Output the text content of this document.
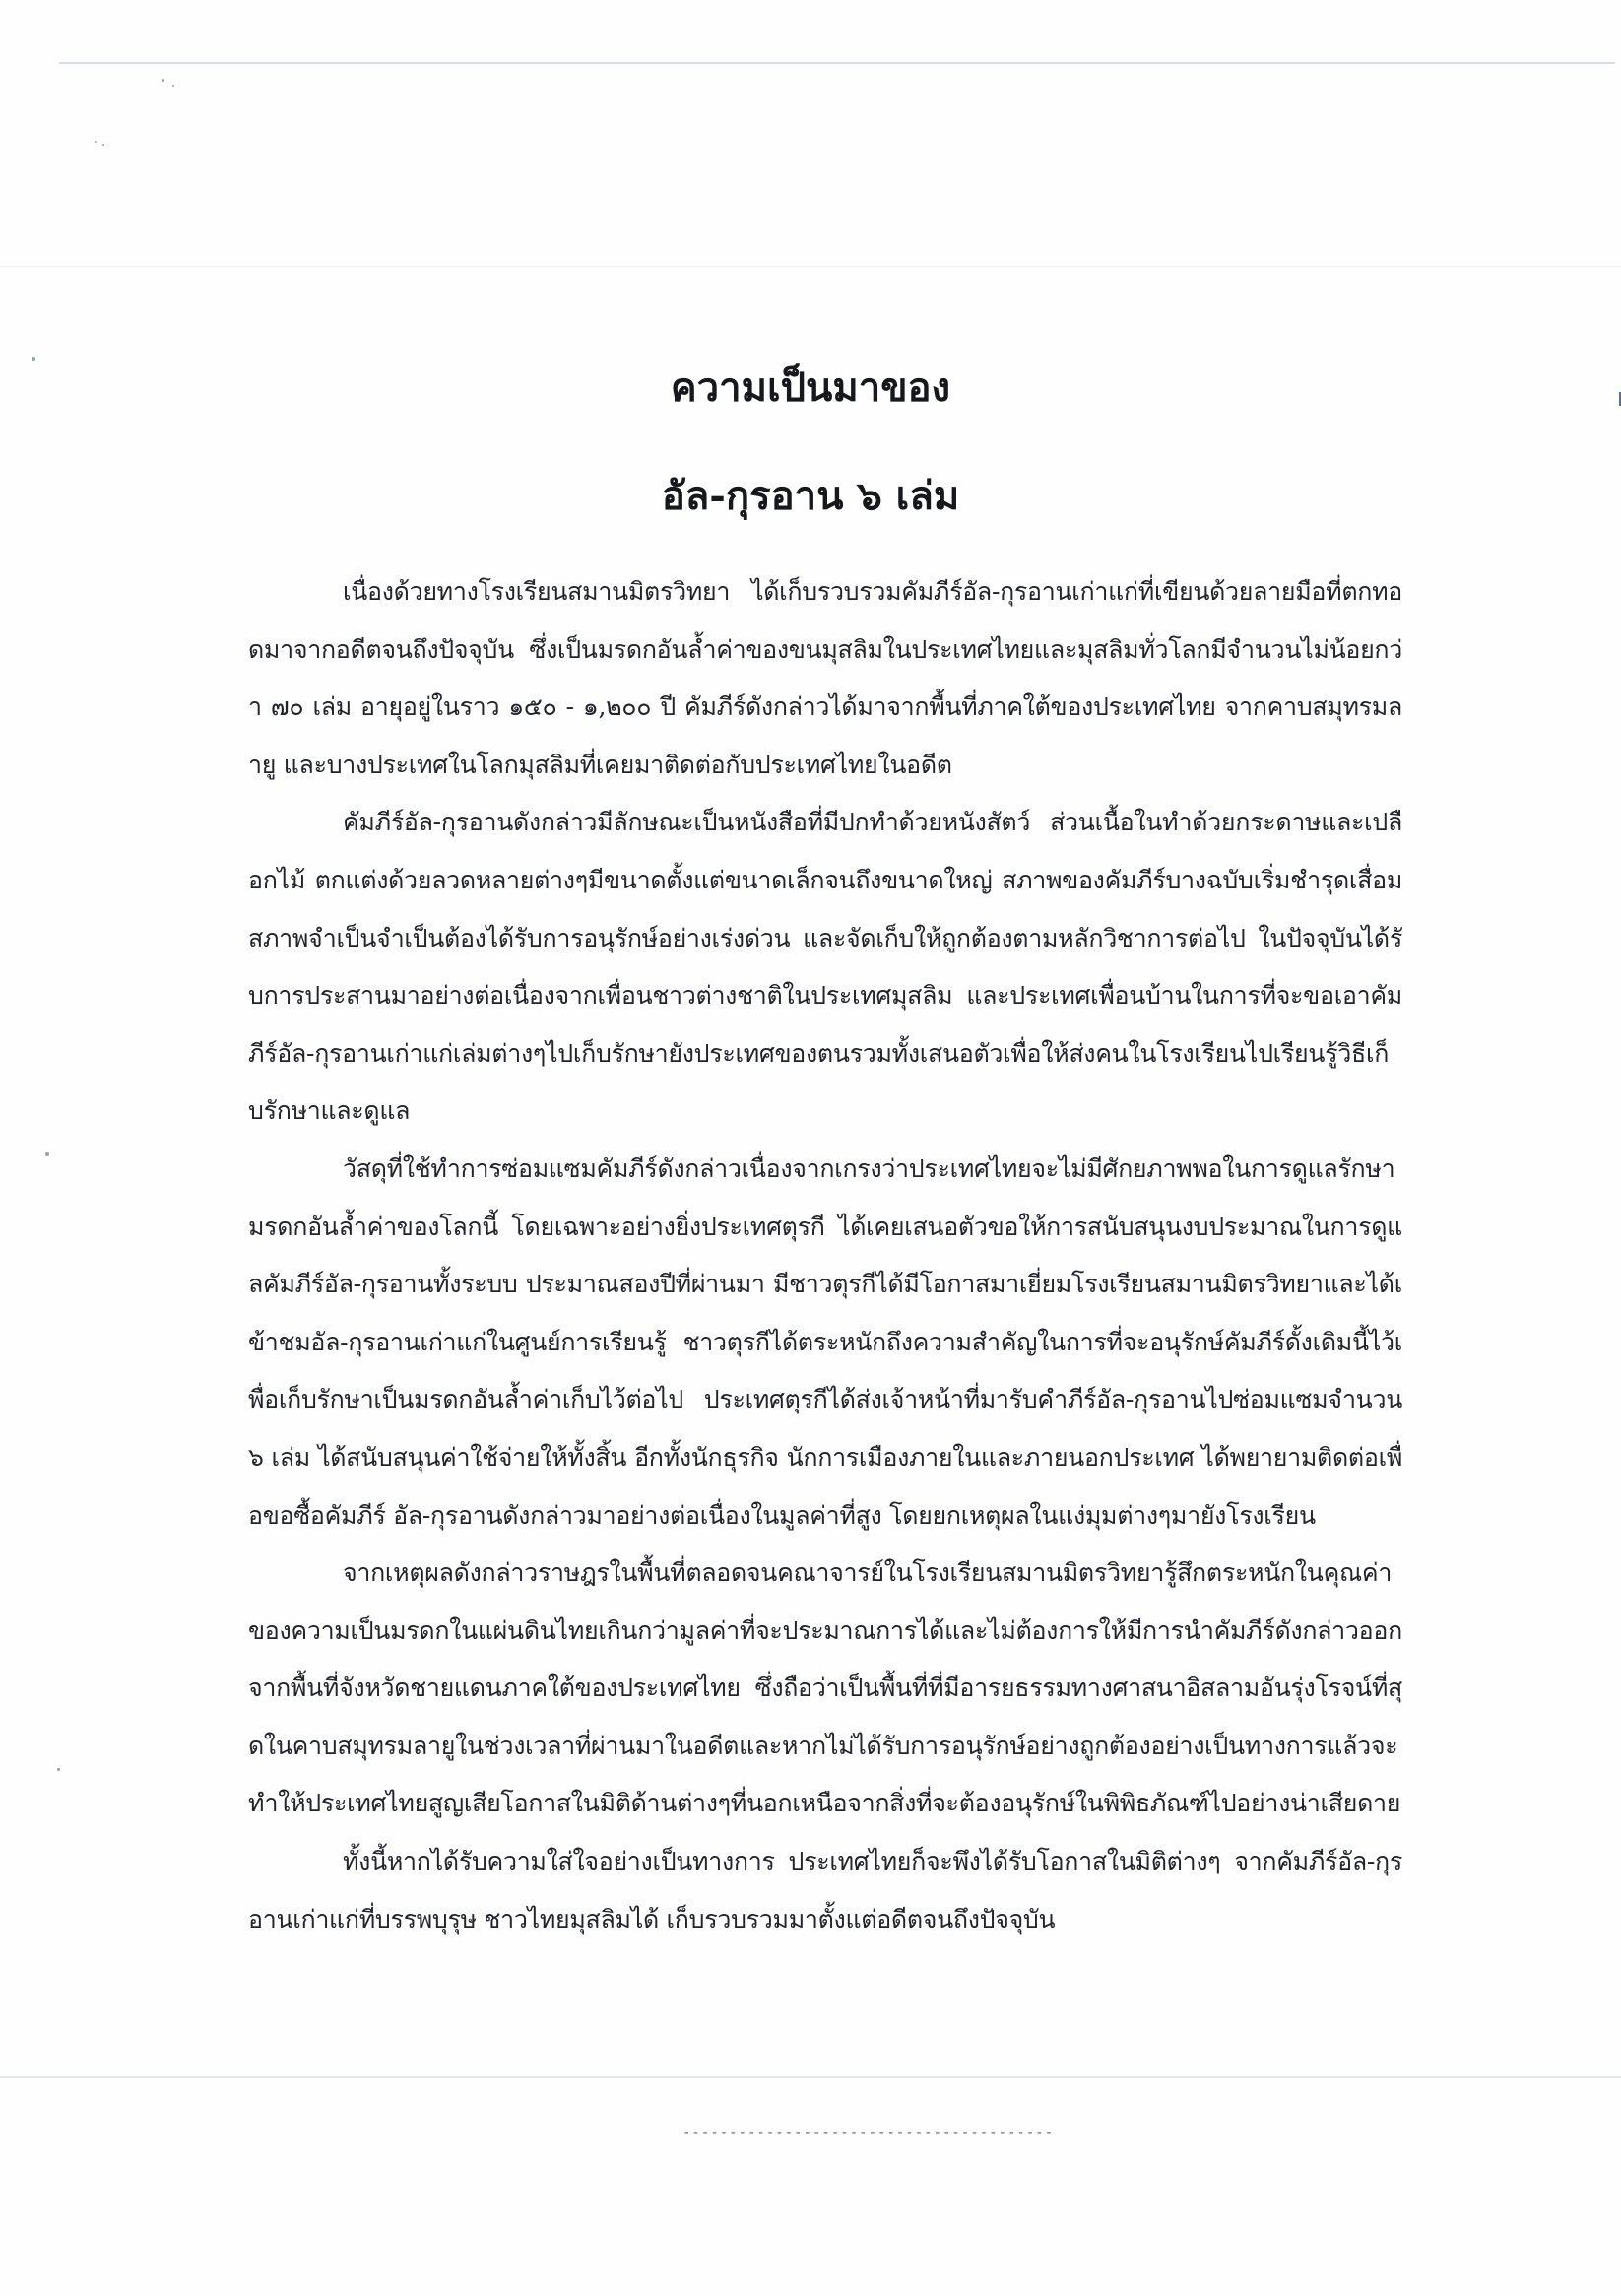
ความเป็นมาของ

อัล-กุรอาน ๖ เล่ม

เนื่องด้วยทางโรงเรียนสมานมิตรวิทยา ได้เก็บรวบรวมคัมภีร์อัล-กุรอานเก่าแก่ที่เขียนด้วยลายมือที่ตกทอดมาจากอดีตจนถึงปัจจุบัน ซึ่งเป็นมรดกอันล้ำค่าของขนมุสลิมในประเทศไทยและมุสลิมทั่วโลกมีจำนวนไม่น้อยกว่า ๗๐ เล่ม อายุอยู่ในราว ๑๕๐ - ๑,๒๐๐ ปี คัมภีร์ดังกล่าวได้มาจากพื้นที่ภาคใต้ของประเทศไทย จากคาบสมุทรมลายู และบางประเทศในโลกมุสลิมที่เคยมาติดต่อกับประเทศไทยในอดีต

คัมภีร์อัล-กุรอานดังกล่าวมีลักษณะเป็นหนังสือที่มีปกทำด้วยหนังสัตว์ ส่วนเนื้อในทำด้วยกระดาษและเปลือกไม้ ตกแต่งด้วยลวดหลายต่างๆมีขนาดตั้งแต่ขนาดเล็กจนถึงขนาดใหญ่ สภาพของคัมภีร์บางฉบับเริ่มชำรุดเสื่อมสภาพจำเป็นจำเป็นต้องได้รับการอนุรักษ์อย่างเร่งด่วน และจัดเก็บให้ถูกต้องตามหลักวิชาการต่อไป ในปัจจุบันได้รับการประสานมาอย่างต่อเนื่องจากเพื่อนชาวต่างชาติในประเทศมุสลิม และประเทศเพื่อนบ้านในการที่จะขอเอาคัมภีร์อัล-กุรอานเก่าแก่เล่มต่างๆไปเก็บรักษายังประเทศของตนรวมทั้งเสนอตัวเพื่อให้ส่งคนในโรงเรียนไปเรียนรู้วิธีเก็บรักษาและดูแล

วัสดุที่ใช้ทำการซ่อมแซมคัมภีร์ดังกล่าวเนื่องจากเกรงว่าประเทศไทยจะไม่มีศักยภาพพอในการดูแลรักษามรดกอันล้ำค่าของโลกนี้ โดยเฉพาะอย่างยิ่งประเทศตุรกี ได้เคยเสนอตัวขอให้การสนับสนุนงบประมาณในการดูแลคัมภีร์อัล-กุรอานทั้งระบบ ประมาณสองปีที่ผ่านมา มีชาวตุรกีได้มีโอกาสมาเยี่ยมโรงเรียนสมานมิตรวิทยาและได้เข้าชมอัล-กุรอานเก่าแก่ในศูนย์การเรียนรู้ ชาวตุรกีได้ตระหนักถึงความสำคัญในการที่จะอนุรักษ์คัมภีร์ดั้งเดิมนี้ไว้เพื่อเก็บรักษาเป็นมรดกอันล้ำค่าเก็บไว้ต่อไป ประเทศตุรกีได้ส่งเจ้าหน้าที่มารับคำภีร์อัล-กุรอานไปซ่อมแซมจำนวน ๖ เล่ม ได้สนับสนุนค่าใช้จ่ายให้ทั้งสิ้น อีกทั้งนักธุรกิจ นักการเมืองภายในและภายนอกประเทศ ได้พยายามติดต่อเพื่อขอซื้อคัมภีร์ อัล-กุรอานดังกล่าวมาอย่างต่อเนื่องในมูลค่าที่สูง โดยยกเหตุผลในแง่มุมต่างๆมายังโรงเรียน

จากเหตุผลดังกล่าวราษฎรในพื้นที่ตลอดจนคณาจารย์ในโรงเรียนสมานมิตรวิทยารู้สึกตระหนักในคุณค่าของความเป็นมรดกในแผ่นดินไทยเกินกว่ามูลค่าที่จะประมาณการได้และไม่ต้องการให้มีการนำคัมภีร์ดังกล่าวออกจากพื้นที่จังหวัดชายแดนภาคใต้ของประเทศไทย ซึ่งถือว่าเป็นพื้นที่ที่มีอารยธรรมทางศาสนาอิสลามอันรุ่งโรจน์ที่สุดในคาบสมุทรมลายูในช่วงเวลาที่ผ่านมาในอดีตและหากไม่ได้รับการอนุรักษ์อย่างถูกต้องอย่างเป็นทางการแล้วจะทำให้ประเทศไทยสูญเสียโอกาสในมิติด้านต่างๆที่นอกเหนือจากสิ่งที่จะต้องอนุรักษ์ในพิพิธภัณฑ์ไปอย่างน่าเสียดาย

ทั้งนี้หากได้รับความใส่ใจอย่างเป็นทางการ ประเทศไทยก็จะพึงได้รับโอกาสในมิติต่างๆ จากคัมภีร์อัล-กุรอานเก่าแก่ที่บรรพบุรุษ ชาวไทยมุสลิมได้ เก็บรวบรวมมาตั้งแต่อดีตจนถึงปัจจุบัน

----------------------------------------
